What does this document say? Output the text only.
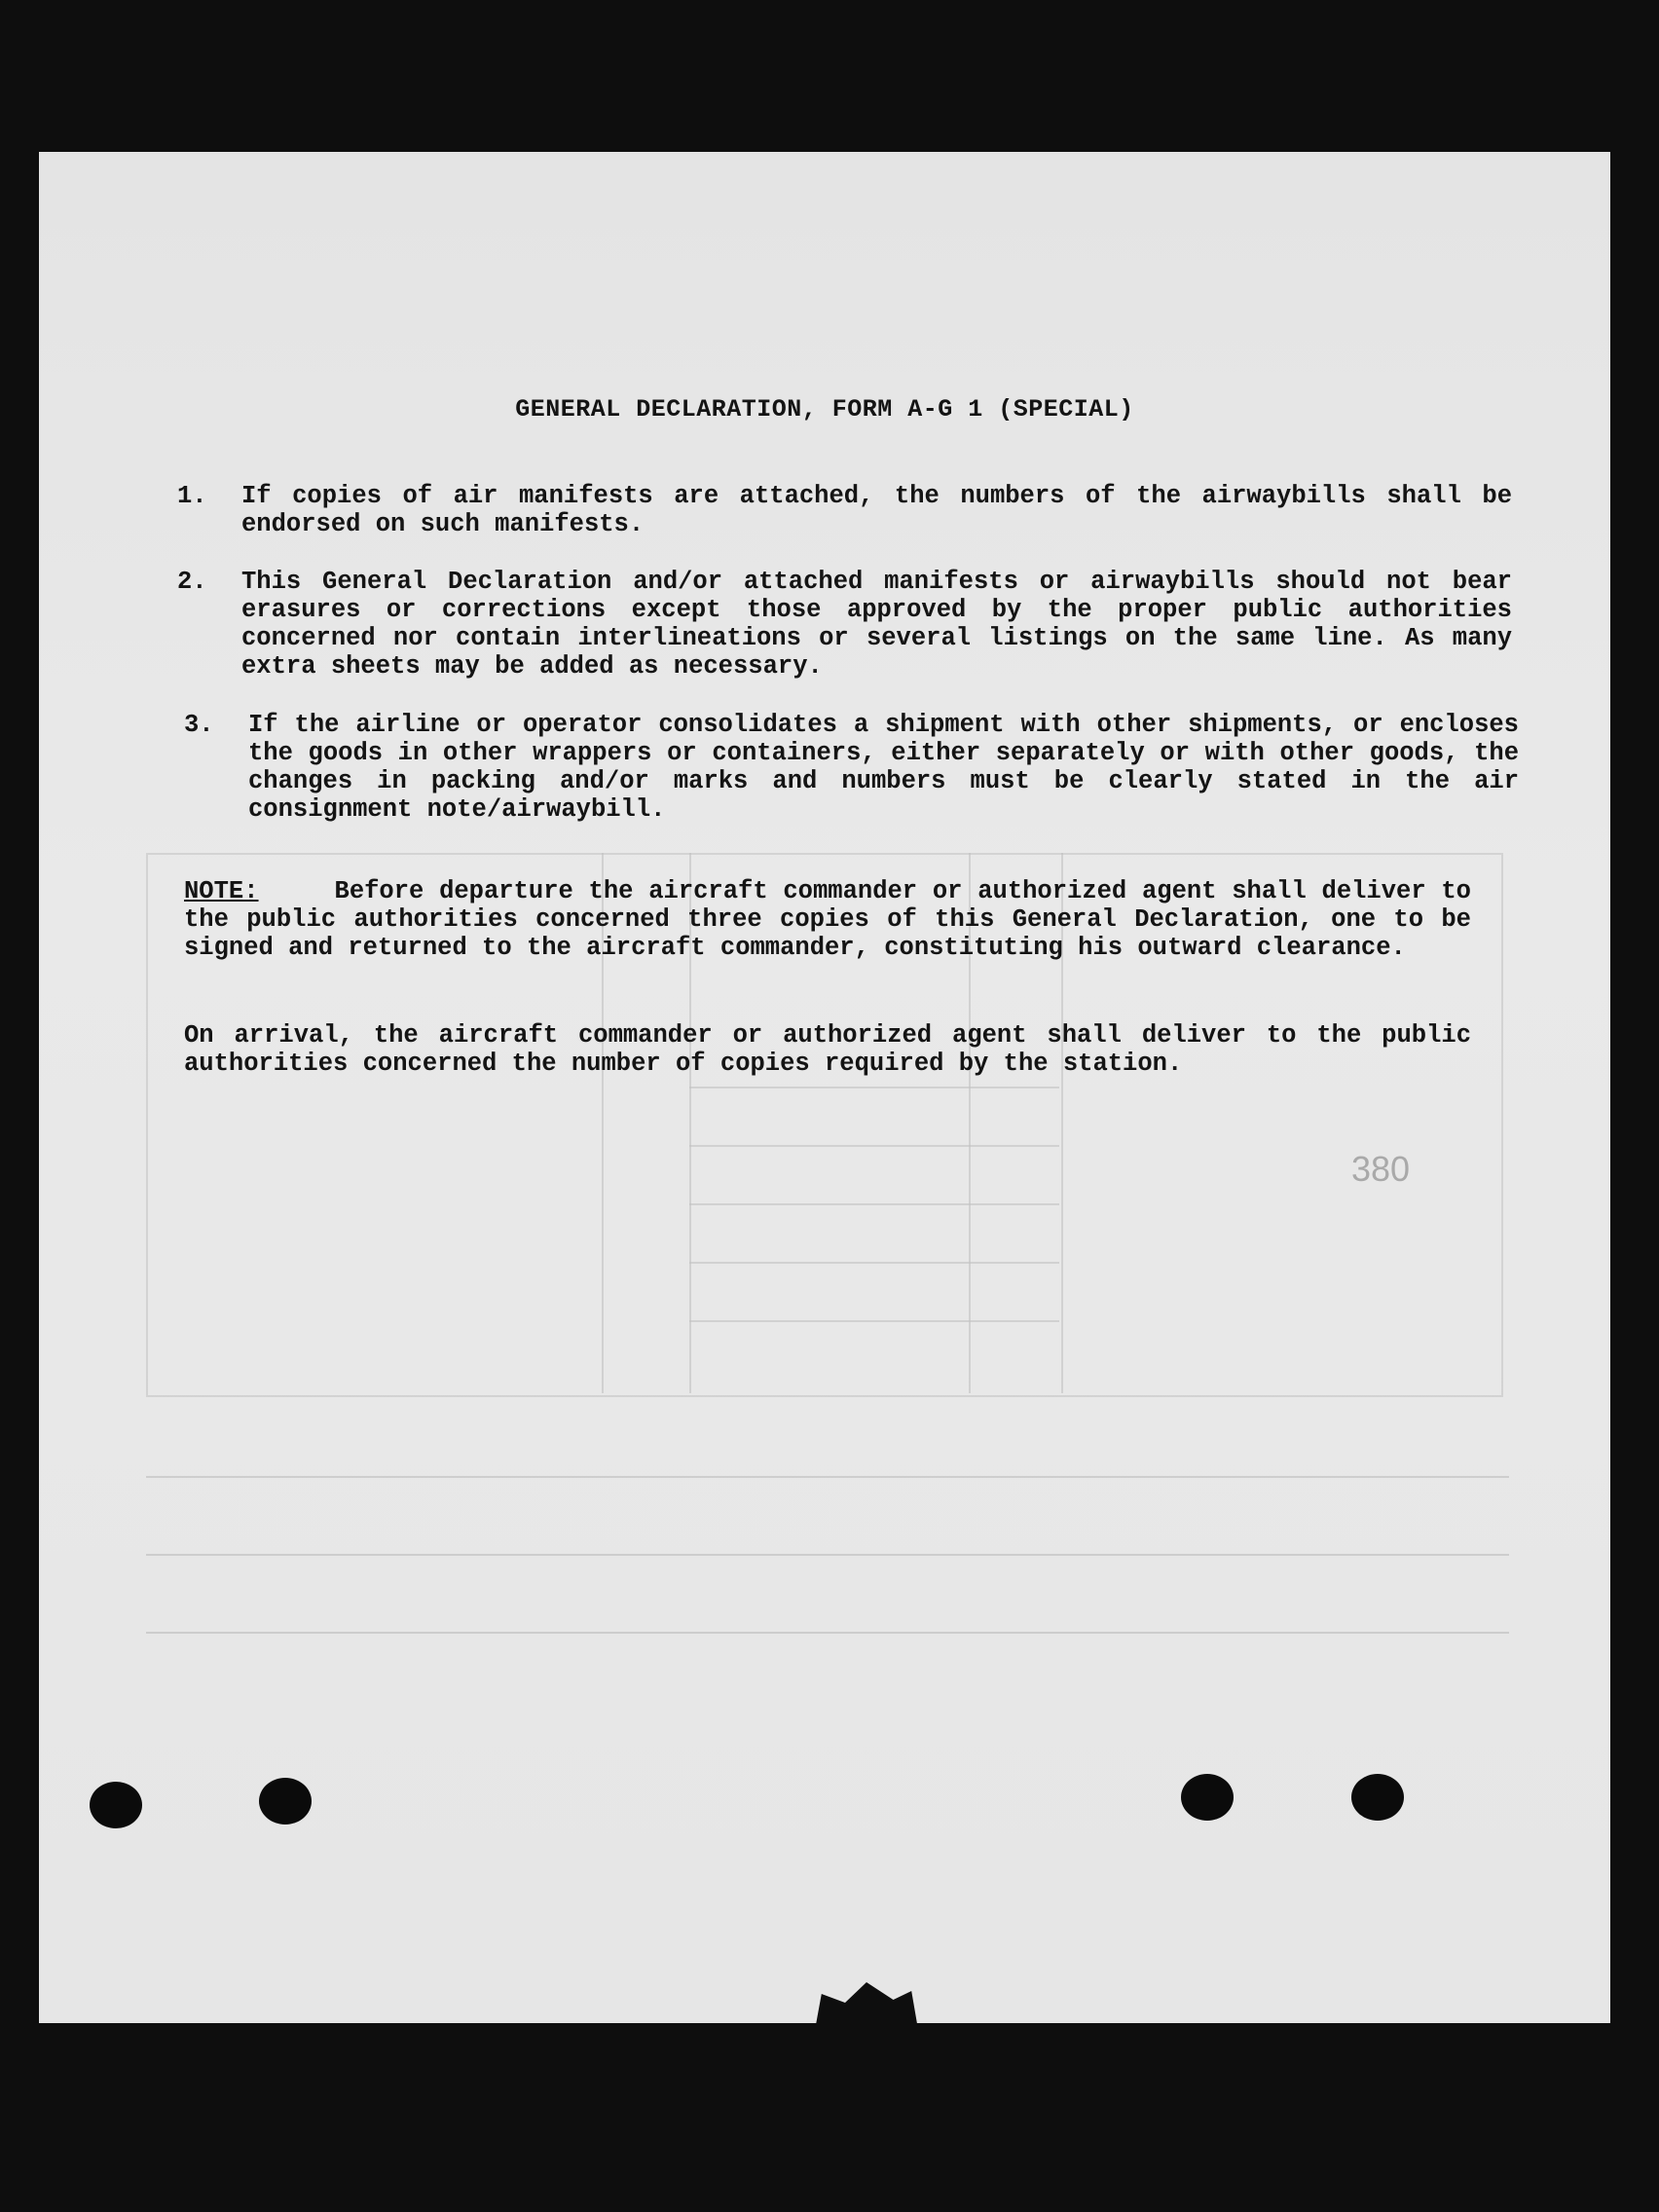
GENERAL DECLARATION, FORM A-G 1 (SPECIAL)
1.	If copies of air manifests are attached, the numbers of the airwaybills shall be endorsed on such manifests.
2.	This General Declaration and/or attached manifests or airwaybills should not bear erasures or corrections except those approved by the proper public authorities concerned nor contain interlineations or several listings on the same line. As many extra sheets may be added as necessary.
3.	If the airline or operator consolidates a shipment with other shipments, or encloses the goods in other wrappers or containers, either separately or with other goods, the changes in packing and/or marks and numbers must be clearly stated in the air consignment note/airwaybill.
NOTE:	Before departure the aircraft commander or authorized agent shall deliver to the public authorities concerned three copies of this General Declaration, one to be signed and returned to the aircraft commander, constituting his outward clearance.
On arrival, the aircraft commander or authorized agent shall deliver to the public authorities concerned the number of copies required by the station.
380
